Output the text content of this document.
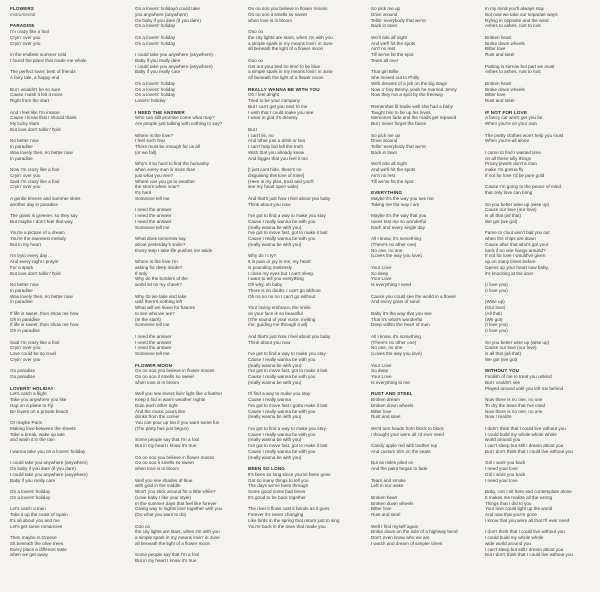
FLOWERS
Instrumental
PARADISE
I'm crazy like a fool
Cryin' over you
Cryin' over you
In the endless summer cold
I found the place that made me whole
The perfect lover, best of friends
A fairy tale, a happy end
But I wouldn't be so sure
Cause I wish it felt it more
Right from the start
And I feel like I'm insane
Cause I know that I should thank
My lucky stars
But love don't talkin' hold
No better now
In paradise
Was lovely then, no better now
In paradise
Now I'm crazy like a fool
Cryin' over you
Said I'm crazy like a fool
Cryin' over you
A gentle breeze and summer skies
another day in paradise
The grass is greener, so they say
But maybe I don't feel that way
You're a picture of a dream
You're the sweetest melody
But in my heart
I'm tryin every day
And every night I prayin'
For a spark
But love don't talkin' hold
No better now
In paradise
Was lovely then, no better now
In paradise
If life is sweet, then show me how
Oh in paradise
If life is sweet, then show me how
Oh in paradise
Said I'm crazy like a fool
Cryin' over you
Love could be so cruel
Cryin' over you
Oo paradise
Oo paradise
LOVERS' HOLIDAY
Let's catch a flight
Take you anywhere you like
Hop on a plane to Fiji
Be lovers on a private beach
Or maybe Paris
Making love between the sheets
Take a break, wake up late
and wash it in the rain
I wanna take you on a lovers' holiday
I could take you anywhere (anywhere)
Oo baby if you dare (if you dare)
I could take you anywhere (anywhere)
Baby if you really care
On a lovers' holiday
On a lovers' holiday
Let's catch a train
Take it up the coast of Spain
It's all about you and me
Let's get some romancies
Then maybe in Greece
Sit beneath the olive trees
Every place a different taste
when we get away
On a lovers' holiday/I could take
you anywhere (anywhere)
Oo baby if you dare (if you dare)
On a lovers' holiday
On a lovers' holiday
On a lovers' holiday
I could take you anywhere (anywhere)
Baby if you really dare
I could take you anywhere (anywhere)
Baby if you really care
On a lovers' holiday
On a lovers' holiday
On a lovers' holiday
Lovers' holiday
I NEED THE ANSWER
Who can still promise come what may?
Are people just talking with nothing to say?
Where is the love?
I feel such fear
There must be enough for us all
(or we fall)
Why's it so hard to find the humanity
when every man is more than
just what you see?
Where can you go to weather
the storm when near?
It's hard
Someone tell me
I need the answer
I need the answer
I need the answer
Someone tell me
What does tomorrow say
about yesterday's smile?
Every step I take life pushes me aside
Where is the love I'm
asking for deep inside?
If only
Why do the borders of the
world sit on my cheek?
Why do we take and take
until there's nothing left
What will we leave for futures
to see who we are?
(In the stars)
Someone tell me
I need the answer
I need the answer
I need the answer
Someone tell me
FLOWER MOON
Oo oo ooo you believe in flower moons
Oo oo ooo it smells so sweet
when love is in bloom
Well you see lovers livin' light like a feather
Keep it hid in warm weather nights
Doin each other right
And the music pours like
drinks from the corner
You can pour up too if you want some fun
(The party has just begun)
Some people say that I'm a fool
But in my heart I know it's true
Oo oo ooo you believe in flower moons
Oo oo ooo it smells so sweet
when love is in bloom
Well you see shades of blue
with gold in the middle
Won't you stick around for a little while?
(Love baby I like your style)
In the summer days that feel like forever
Giving way to nights love together with you
(Do what you want to do)
Ooo oo
the city lights are stars, when I'm with you
a simple spark in my means lovin' in June
all beneath the light of a flower moon
Some people say that I'm a fool
But in my heart I know it's true
Oo oo ooo you believe in flower moons
Oo oo ooo it smells so sweet
when love is in bloom
Ooo oo
the city lights are stars, when I'm with you
a simple spark in my means lovin' in June
all beneath the light of a flower moon
Ooo oo
Get out your bed no time to be blue
a simple spark in my means lovin' in June
All beneath the light of a flower moon
REALLY WANNA BE WITH YOU
Oh I feel alright
Tried to be your company
But I can't get you next to me
I wish that I could make you see
I wear in god it's dreamy
But I
I can't lie, no
And other just a drink or two
I can't help but tell the truth
Wish that you already knew
And bigger that you feel it too
[I just cant hide, there's no
disguising this love of mine]
(Here is my plea, trust and you'll
see my heart open wide)
And that's just how I feel about you baby
Think about you now
I've got to find a way to make you stay
Cause I really wanna be with you
(really wanna be with you)
I've got to move fast, got to make it last
Cause I really wanna be with you
(really wanna be with you)
Why do I cry?
It is pain or joy in me, my heart
is pounding restlessly
I close my eyes but I can't sleep,
I want to tell you everything
Oh why, oh baby
There is no doubt, I can't go without
Oh no no no no I can't go without
Your loving embrace, the smile
on your face is so beautiful
(The sound of your voice, inviting
me, guiding me through it all)
And that's just how I feel about you baby
Think about you now
I've got to find a way to make you stay
Cause I really wanna be with you
(really wanna be with you)
I've got to move fast, got to make it last
Cause I really wanna be with you
(really wanna be with you)
I'll find a way to make you stay
Cause I really wanna
I've got to move fast I gotta make it last
Cause I really wanna be with you
(really wanna be with you)
I've got to find a way to make you stay
Cause I really wanna be with you
(really wanna be with you)
I've got to move fast, got to make it last
Cause I really wanna be with you
(really wanna be with you)
BEEN SO LONG
It's been so long since you've been gone
Got so many things to tell you
The days we've been through
Some good some bad times
It's good to be back together
The river it flows cast it bends as it goes
Forever it's never changing
Like birds in the spring that return just to sing
You're back in the town that made you
So pick me up
Drive around
Tellin' everybody that we're
Back in town
We'll ride all night
And we'll hit the spots
Ain't no rest
Till we've hit the spot
Tears all over
That girl Billie
She moved out to Philly
With dreams of a job on the big stage
Now o' boy Benny, yeah he married Jenny
Now they run a spot by the freeway
Remember lil Sadie well she had a baby
Taught him to be up his loves
Memories fade and the roads get repaved
But I never forget the faces
So pick me up
Drive around
Tellin' everybody that we're
Back in town
We'll ride all night
And we'll hit the spots
Ain't no rest
Till we've hit the spot
EVERYTHING
Maybe it's the way you see me
Taking me the way I am
Maybe it's the way that you
never test me so wonderful
Each and every single day
All I know, it's something
(There's no other one)
No one, no one
(Loves the way you love)
Your Love
So deep
Your Love
Is everything I need
Cause you could see the world in a flower
And every grain of sand
Baby it's the way that you see
That it's what's wonderful
Deep within the heart of man
All I know, it's something
(There's no other one)
No one, no one
(Loves the way you love)
Your Love
So deep
Your Love
Is everything to me
RUST AND STEEL
Broken dream
Broken down wheels
Bitter love
Rust and steel
We'd turn heads from block to block
I thought your were all I'd ever need
Candy apple red with leather top
And custom trim on the seats
But as miles piled on
And the paint began to fade
Tears and smoke
Left in our wake
Broken heart
Broken down wheels
Bitter love
Rust and steel
Well I find myself again
Broke down on the side of a highway bend
Don't even know who we are
I watch and dream of simpler times
In my mind you'll always stay
But now we take our separate ways
Ryling in opposite and the wind
Ashes to ashes, rust to rust
Broken heart
Broke down wheels
Bitter love
Rust and steel
Parting is sorrow but part we must
Ashes to ashes, rust to rust
Broken heart
Broke down wheels
Bitter love
Rust and steel
IF NOT FOR LOVE
A fancy car won't get you far
When you're on your own
The pretty clothes won't help you most
When you're all alone
I came to find I wasted time
on all these silly things
Pricey jewels don't a man
make I'm gonna fly
If not for love I'd be pure gold
Cause I'm going to the peace of mind
that only love can bring
So you better wise up (wise up)
Cause our love (our love)
is all that (all that)
We got (we got)
Fame or clout won't bail you out
when the chips are down
Cause after that who's got your
back if no one hangs around?
If not for love I would've given
up on many times before
Opens up your heart now baby,
it's knocking at the door
(I love you)
(I love you)
(Wise up)
(Our love)
(All that)
(We got)
(I love you)
(I love you)
So you better wise up (wise up)
Cause our love (our love)
is all that (all that)
We got (we got)
WITHOUT YOU
Foolish of me to treat you unkind
But I couldn't see
Played around until you left me behind
Now there is no one, no one
To dry the tears that I've cried
Now there is no one, no one
Now I realize
I didn't think that I could live without you
I could build my whole whole whole
world around you
I can't sleep but still I dream about you
But I don't think that I could live without you
Girl I want you back
I need your love
Girl I want you back
I need your love
Baby, can I sit here and contemplate alone
It makes me realize all the wrong
Things that I did to you
Your love could light up the world
And now that you're gone
I know that you were all that I'll ever need
I don't think that I could live without you
I could build my whole whole
wide world around you
I can't sleep but still I dream about you
But I don't think that I could live without you
